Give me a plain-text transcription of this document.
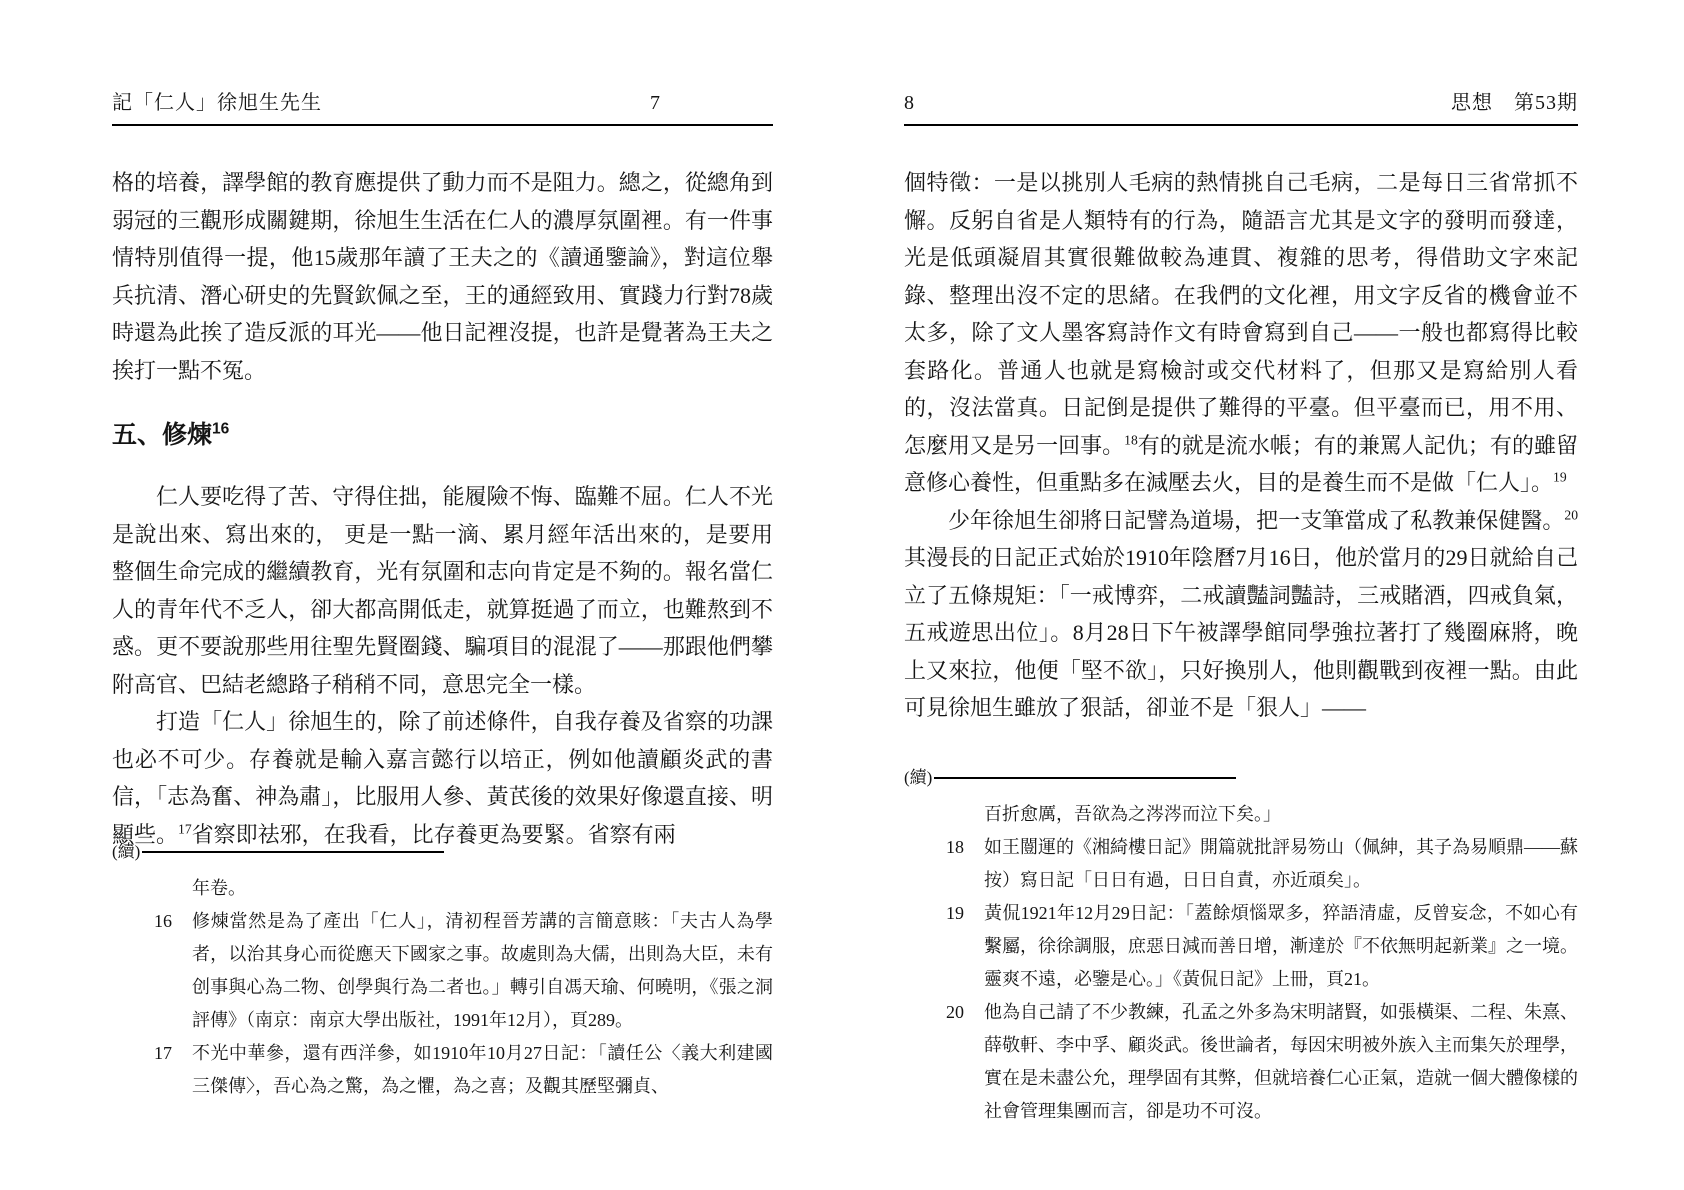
記「仁人」徐旭生先生	7
格的培養，譯學館的教育應提供了動力而不是阻力。總之，從總角到弱冠的三觀形成關鍵期，徐旭生生活在仁人的濃厚氛圍裡。有一件事情特別值得一提，他15歲那年讀了王夫之的《讀通鑒論》，對這位舉兵抗清、潛心研史的先賢欽佩之至，王的通經致用、實踐力行對78歲時還為此挨了造反派的耳光——他日記裡沒提，也許是覺著為王夫之挨打一點不冤。
五、修煉$^{16}$
仁人要吃得了苦、守得住拙，能履險不悔、臨難不屈。仁人不光是說出來、寫出來的， 更是一點一滴、累月經年活出來的，是要用整個生命完成的繼續教育，光有氛圍和志向肯定是不夠的。報名當仁人的青年代不乏人，卻大都高開低走，就算挺過了而立，也難熬到不惑。更不要說那些用往聖先賢圈錢、騙項目的混混了——那跟他們攀附高官、巴結老總路子稍稍不同，意思完全一樣。
打造「仁人」徐旭生的，除了前述條件，自我存養及省察的功課也必不可少。存養就是輸入嘉言懿行以培正，例如他讀顧炎武的書信，「志為奮、神為肅」，比服用人參、黃芪後的效果好像還直接、明顯些。$^{17}$省察即祛邪，在我看，比存養更為要緊。省察有兩
(續)
年卷。
16 修煉當然是為了產出「仁人」，清初程晉芳講的言簡意賅：「夫古人為學者，以治其身心而從應天下國家之事。故處則為大儒，出則為大臣，未有创事與心為二物、创學與行為二者也。」轉引自馮天瑜、何曉明，《張之洞評傳》（南京：南京大學出版社，1991年12月），頁289。
17 不光中華參，還有西洋參，如1910年10月27日記：「讀任公〈義大利建國三傑傳〉，吾心為之驚，為之懼，為之喜；及觀其歷堅彌貞、
8	思想　第53期
個特徵：一是以挑別人毛病的熱情挑自己毛病，二是每日三省常抓不懈。反躬自省是人類特有的行為，隨語言尤其是文字的發明而發達，光是低頭凝眉其實很難做較為連貫、複雜的思考，得借助文字來記錄、整理出沒不定的思緒。在我們的文化裡，用文字反省的機會並不太多，除了文人墨客寫詩作文有時會寫到自己——一般也都寫得比較套路化。普通人也就是寫檢討或交代材料了，但那又是寫給別人看的，沒法當真。日記倒是提供了難得的平臺。但平臺而已，用不用、怎麼用又是另一回事。$^{18}$有的就是流水帳；有的兼罵人記仇；有的雖留意修心養性，但重點多在減壓去火，目的是養生而不是做「仁人」。$^{19}$
少年徐旭生卻將日記譬為道場，把一支筆當成了私教兼保健醫。$^{20}$其漫長的日記正式始於1910年陰曆7月16日，他於當月的29日就給自己立了五條規矩：「一戒博弈，二戒讀豔詞豔詩，三戒賭酒，四戒負氣，五戒遊思出位」。8月28日下午被譯學館同學強拉著打了幾圈麻將，晚上又來拉，他便「堅不欲」，只好換別人，他則觀戰到夜裡一點。由此可見徐旭生雖放了狠話，卻並不是「狠人」——
(續)
百折愈厲，吾欲為之涔涔而泣下矣。」
18 如王闓運的《湘綺樓日記》開篇就批評易笏山（佩紳，其子為易順鼎——蘇按）寫日記「日日有過，日日自責，亦近頑矣」。
19 黃侃1921年12月29日記：「蓋餘煩惱眾多，猝語清虛，反曾妄念，不如心有繫屬，徐徐調服，庶惡日減而善日增，漸達於『不依無明起新業』之一境。靈爽不遠，必鑒是心。」《黃侃日記》上冊，頁21。
20 他為自己請了不少教練，孔孟之外多為宋明諸賢，如張橫渠、二程、朱熹、薛敬軒、李中孚、顧炎武。後世論者，每因宋明被外族入主而集矢於理學，實在是未盡公允，理學固有其弊，但就培養仁心正氣，造就一個大體像樣的社會管理集團而言，卻是功不可沒。
